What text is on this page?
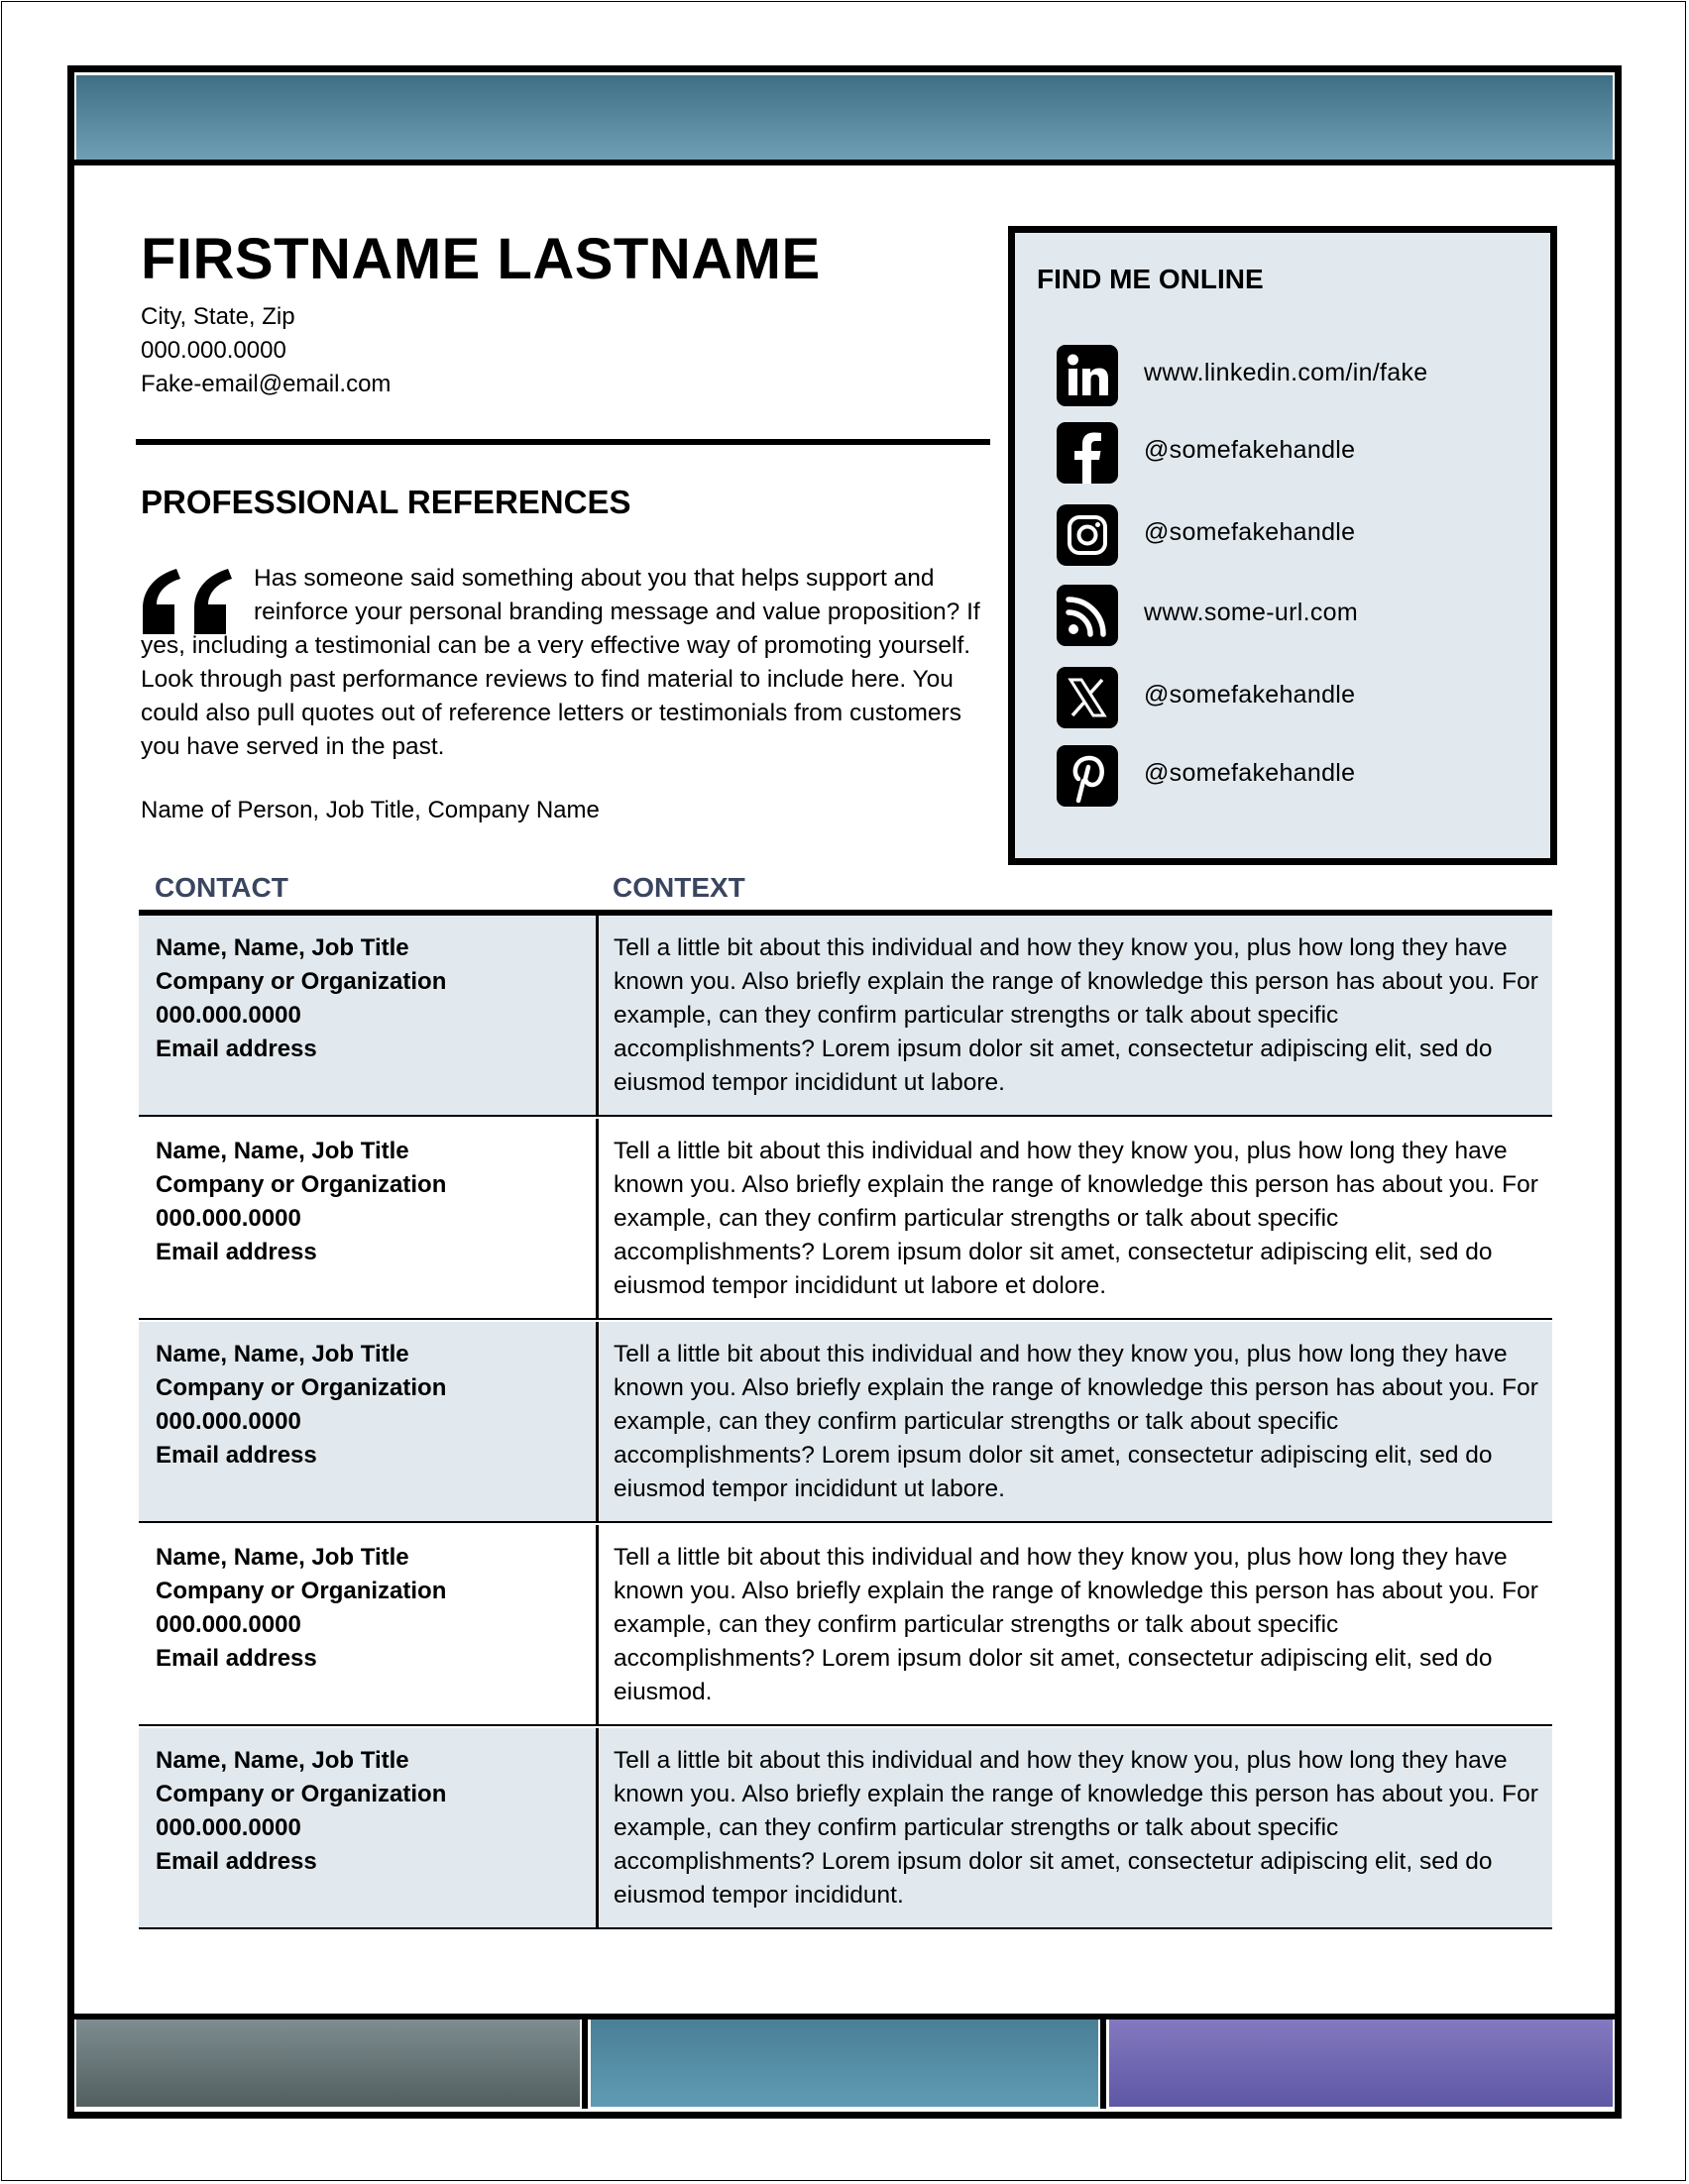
FIRSTNAME LASTNAME
City, State, Zip
000.000.0000
Fake-email@email.com
PROFESSIONAL REFERENCES
Has someone said something about you that helps support and reinforce your personal branding message and value proposition? If yes, including a testimonial can be a very effective way of promoting yourself. Look through past performance reviews to find material to include here. You could also pull quotes out of reference letters or testimonials from customers you have served in the past.
Name of Person, Job Title, Company Name
FIND ME ONLINE
www.linkedin.com/in/fake
@somefakehandle
@somefakehandle
www.some-url.com
@somefakehandle
@somefakehandle
CONTACT	CONTEXT
Name, Name, Job Title
Company or Organization
000.000.0000
Email address
Tell a little bit about this individual and how they know you, plus how long they have known you. Also briefly explain the range of knowledge this person has about you. For example, can they confirm particular strengths or talk about specific accomplishments? Lorem ipsum dolor sit amet, consectetur adipiscing elit, sed do eiusmod tempor incididunt ut labore.
Name, Name, Job Title
Company or Organization
000.000.0000
Email address
Tell a little bit about this individual and how they know you, plus how long they have known you. Also briefly explain the range of knowledge this person has about you. For example, can they confirm particular strengths or talk about specific accomplishments? Lorem ipsum dolor sit amet, consectetur adipiscing elit, sed do eiusmod tempor incididunt ut labore et dolore.
Name, Name, Job Title
Company or Organization
000.000.0000
Email address
Tell a little bit about this individual and how they know you, plus how long they have known you. Also briefly explain the range of knowledge this person has about you. For example, can they confirm particular strengths or talk about specific accomplishments? Lorem ipsum dolor sit amet, consectetur adipiscing elit, sed do eiusmod tempor incididunt ut labore.
Name, Name, Job Title
Company or Organization
000.000.0000
Email address
Tell a little bit about this individual and how they know you, plus how long they have known you. Also briefly explain the range of knowledge this person has about you. For example, can they confirm particular strengths or talk about specific accomplishments? Lorem ipsum dolor sit amet, consectetur adipiscing elit, sed do eiusmod.
Name, Name, Job Title
Company or Organization
000.000.0000
Email address
Tell a little bit about this individual and how they know you, plus how long they have known you. Also briefly explain the range of knowledge this person has about you. For example, can they confirm particular strengths or talk about specific accomplishments? Lorem ipsum dolor sit amet, consectetur adipiscing elit, sed do eiusmod tempor incididunt.
